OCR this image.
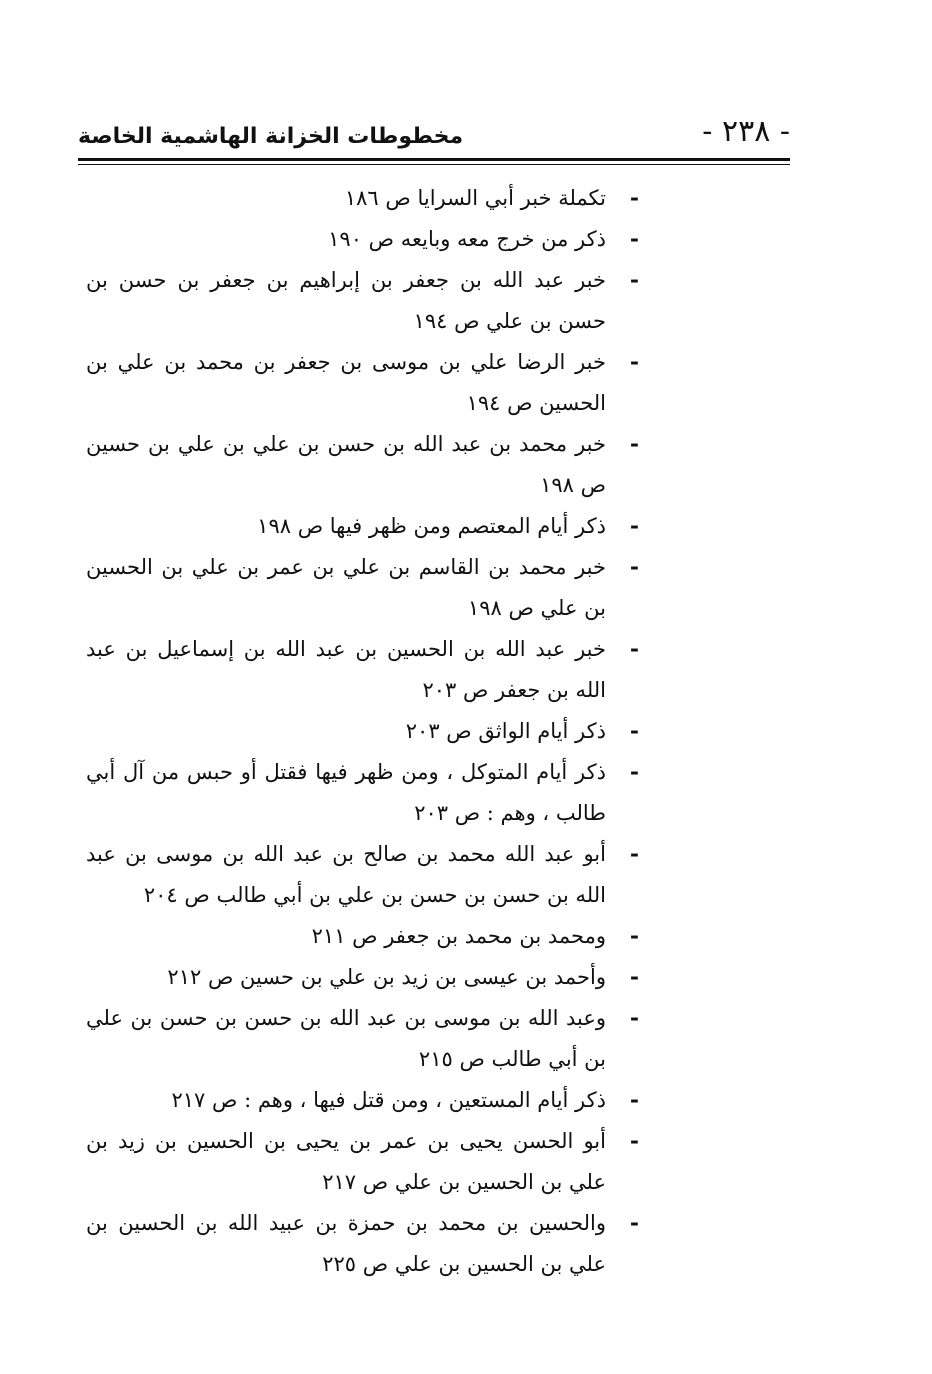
- ٢٣٨ -
مخطوطات الخزانة الهاشمية الخاصة
- تكملة خبر أبي السرايا ص ١٨٦
- ذكر من خرج معه وبايعه ص ١٩٠
- خبر عبد الله بن جعفر بن إبراهيم بن جعفر بن حسن بن حسن بن علي ص ١٩٤
- خبر الرضا علي بن موسى بن جعفر بن محمد بن علي بن الحسين ص ١٩٤
- خبر محمد بن عبد الله بن حسن بن علي بن علي بن حسين ص ١٩٨
- ذكر أيام المعتصم ومن ظهر فيها ص ١٩٨
- خبر محمد بن القاسم بن علي بن عمر بن علي بن الحسين بن علي ص ١٩٨
- خبر عبد الله بن الحسين بن عبد الله بن إسماعيل بن عبد الله بن جعفر ص ٢٠٣
- ذكر أيام الواثق ص ٢٠٣
- ذكر أيام المتوكل ، ومن ظهر فيها فقتل أو حبس من آل أبي طالب ، وهم : ص ٢٠٣
- أبو عبد الله محمد بن صالح بن عبد الله بن موسى بن عبد الله بن حسن بن حسن بن علي بن أبي طالب ص ٢٠٤
- ومحمد بن محمد بن جعفر ص ٢١١
- وأحمد بن عيسى بن زيد بن علي بن حسين ص ٢١٢
- وعبد الله بن موسى بن عبد الله بن حسن بن حسن بن علي بن أبي طالب ص ٢١٥
- ذكر أيام المستعين ، ومن قتل فيها ، وهم : ص ٢١٧
- أبو الحسن يحيى بن عمر بن يحيى بن الحسين بن زيد بن علي بن الحسين بن علي ص ٢١٧
- والحسين بن محمد بن حمزة بن عبيد الله بن الحسين بن علي بن الحسين بن علي ص ٢٢٥
